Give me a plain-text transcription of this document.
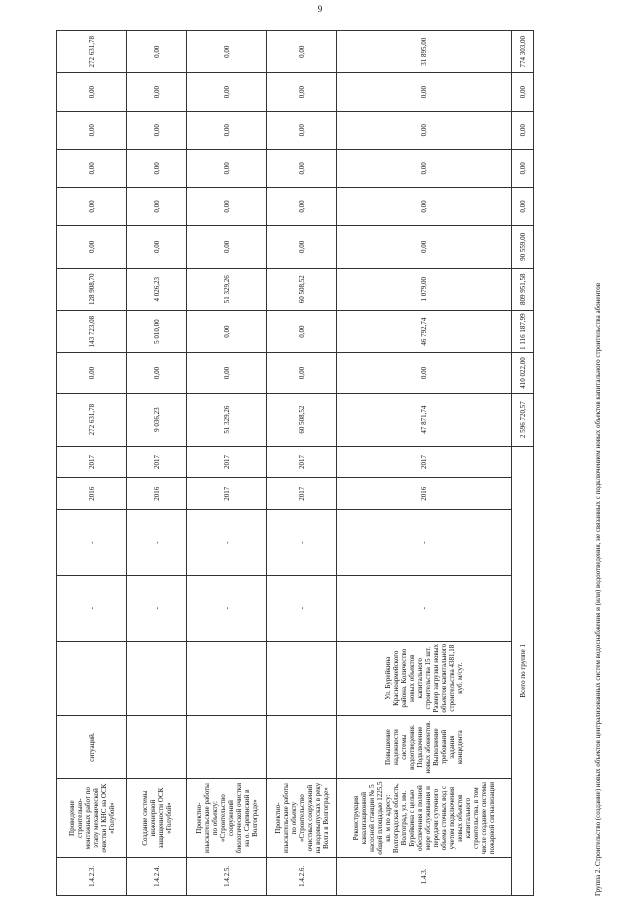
9
1.4.2.3.	Проведение строительно-монтажных работ по этапу механической очистки I КНС на ОСК «Голубой»	ситуаций.		-	-	2016	2017	272 631,78	0,00	143 723,08	128 908,70	0,00	0,00	0,00	0,00	0,00	272 631,78
1.4.2.4.	Создание системы инженерной защищенности ОСК «Голубой»			-	-	2016	2017	9 036,23	0,00	5 010,00	4 026,23	0,00	0,00	0,00	0,00	0,00	0,00
1.4.2.5.	Проектно-изыскательские работы по объекту: «Строительство сооружений биологической очистки на о. Сарпинский в Волгограде»			-	-	2017	2017	51 329,26	0,00	0,00	51 329,26	0,00	0,00	0,00	0,00	0,00	0,00
1.4.2.6.	Проектно-изыскательские работы по объекту «Строительство очистных сооружений на водовыпусках в реку Волга в Волгограде»			-	-	2017	2017	60 508,52	0,00	0,00	60 508,52	0,00	0,00	0,00	0,00	0,00	0,00
1.4.3.	Реконструкция канализационной насосной станции № 5 общей площадью 1225,5 кв. м по адресу: Волгоградская область, Волгоград, ул. им. Бурейкина с целью обеспечения в полной мере обслуживания и передачи суточного объема сточных вод с учетом подключения новых объектов капитального строительства, в том числе создание системы пожарной сигнализации	Повышение надежности системы водоотведения. Подключение новых абонентов. Выполнение требований задания концедента	Ул. Бурейкина Красноармейского района. Количество новых объектов капитального строительства 15 шт. Размер загрузки новых объектов капитального строительства 4381,18 куб. м/сут.	-	-	2016	2017	47 871,74	0,00	46 792,74	1 079,00	0,00	0,00	0,00	0,00	0,00	31 895,00
Всего по группе 1								2 596 720,57	410 022,00	1 116 187,99	809 951,58	90 559,00	0,00	0,00	0,00	0,00	774 303,00
Группа 2. Строительство (создание) новых объектов централизованных систем водоснабжения и (или) водоотведения, не связанных с подключением новых объектов капитального строительства абонентов
